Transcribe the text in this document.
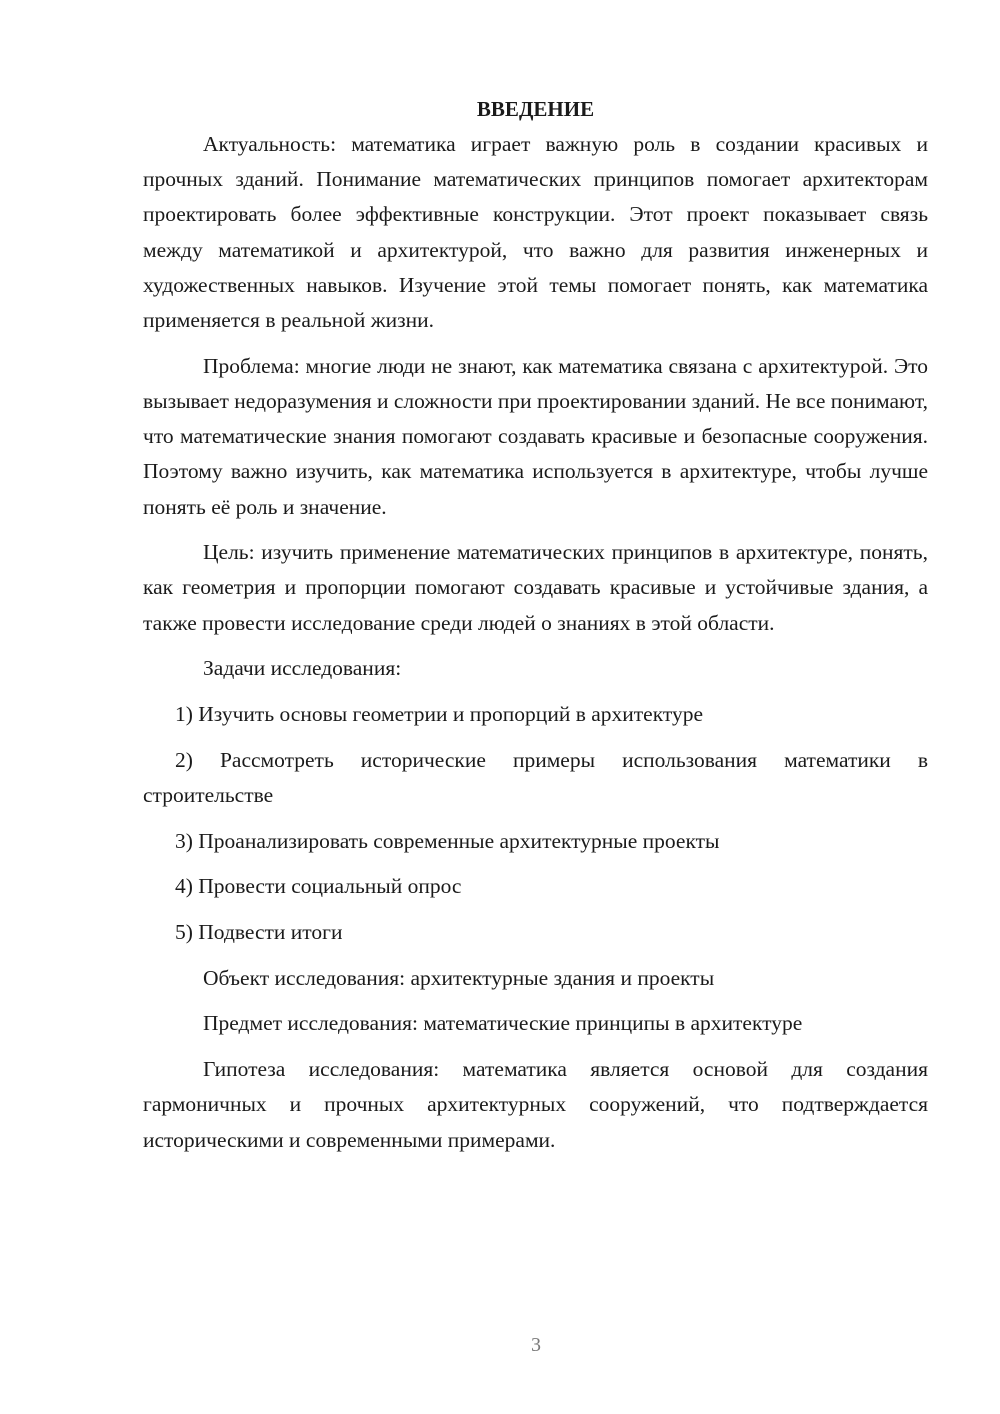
ВВЕДЕНИЕ

Актуальность: математика играет важную роль в создании красивых и прочных зданий. Понимание математических принципов помогает архитекторам проектировать более эффективные конструкции. Этот проект показывает связь между математикой и архитектурой, что важно для развития инженерных и художественных навыков. Изучение этой темы помогает понять, как математика применяется в реальной жизни.

Проблема: многие люди не знают, как математика связана с архитектурой. Это вызывает недоразумения и сложности при проектировании зданий. Не все понимают, что математические знания помогают создавать красивые и безопасные сооружения. Поэтому важно изучить, как математика используется в архитектуре, чтобы лучше понять её роль и значение.

Цель: изучить применение математических принципов в архитектуре, понять, как геометрия и пропорции помогают создавать красивые и устойчивые здания, а также провести исследование среди людей о знаниях в этой области.

Задачи исследования:

1) Изучить основы геометрии и пропорций в архитектуре

2) Рассмотреть исторические примеры использования математики в строительстве

3) Проанализировать современные архитектурные проекты

4) Провести социальный опрос

5) Подвести итоги

Объект исследования: архитектурные здания и проекты

Предмет исследования: математические принципы в архитектуре

Гипотеза исследования: математика является основой для создания гармоничных и прочных архитектурных сооружений, что подтверждается историческими и современными примерами.

3
